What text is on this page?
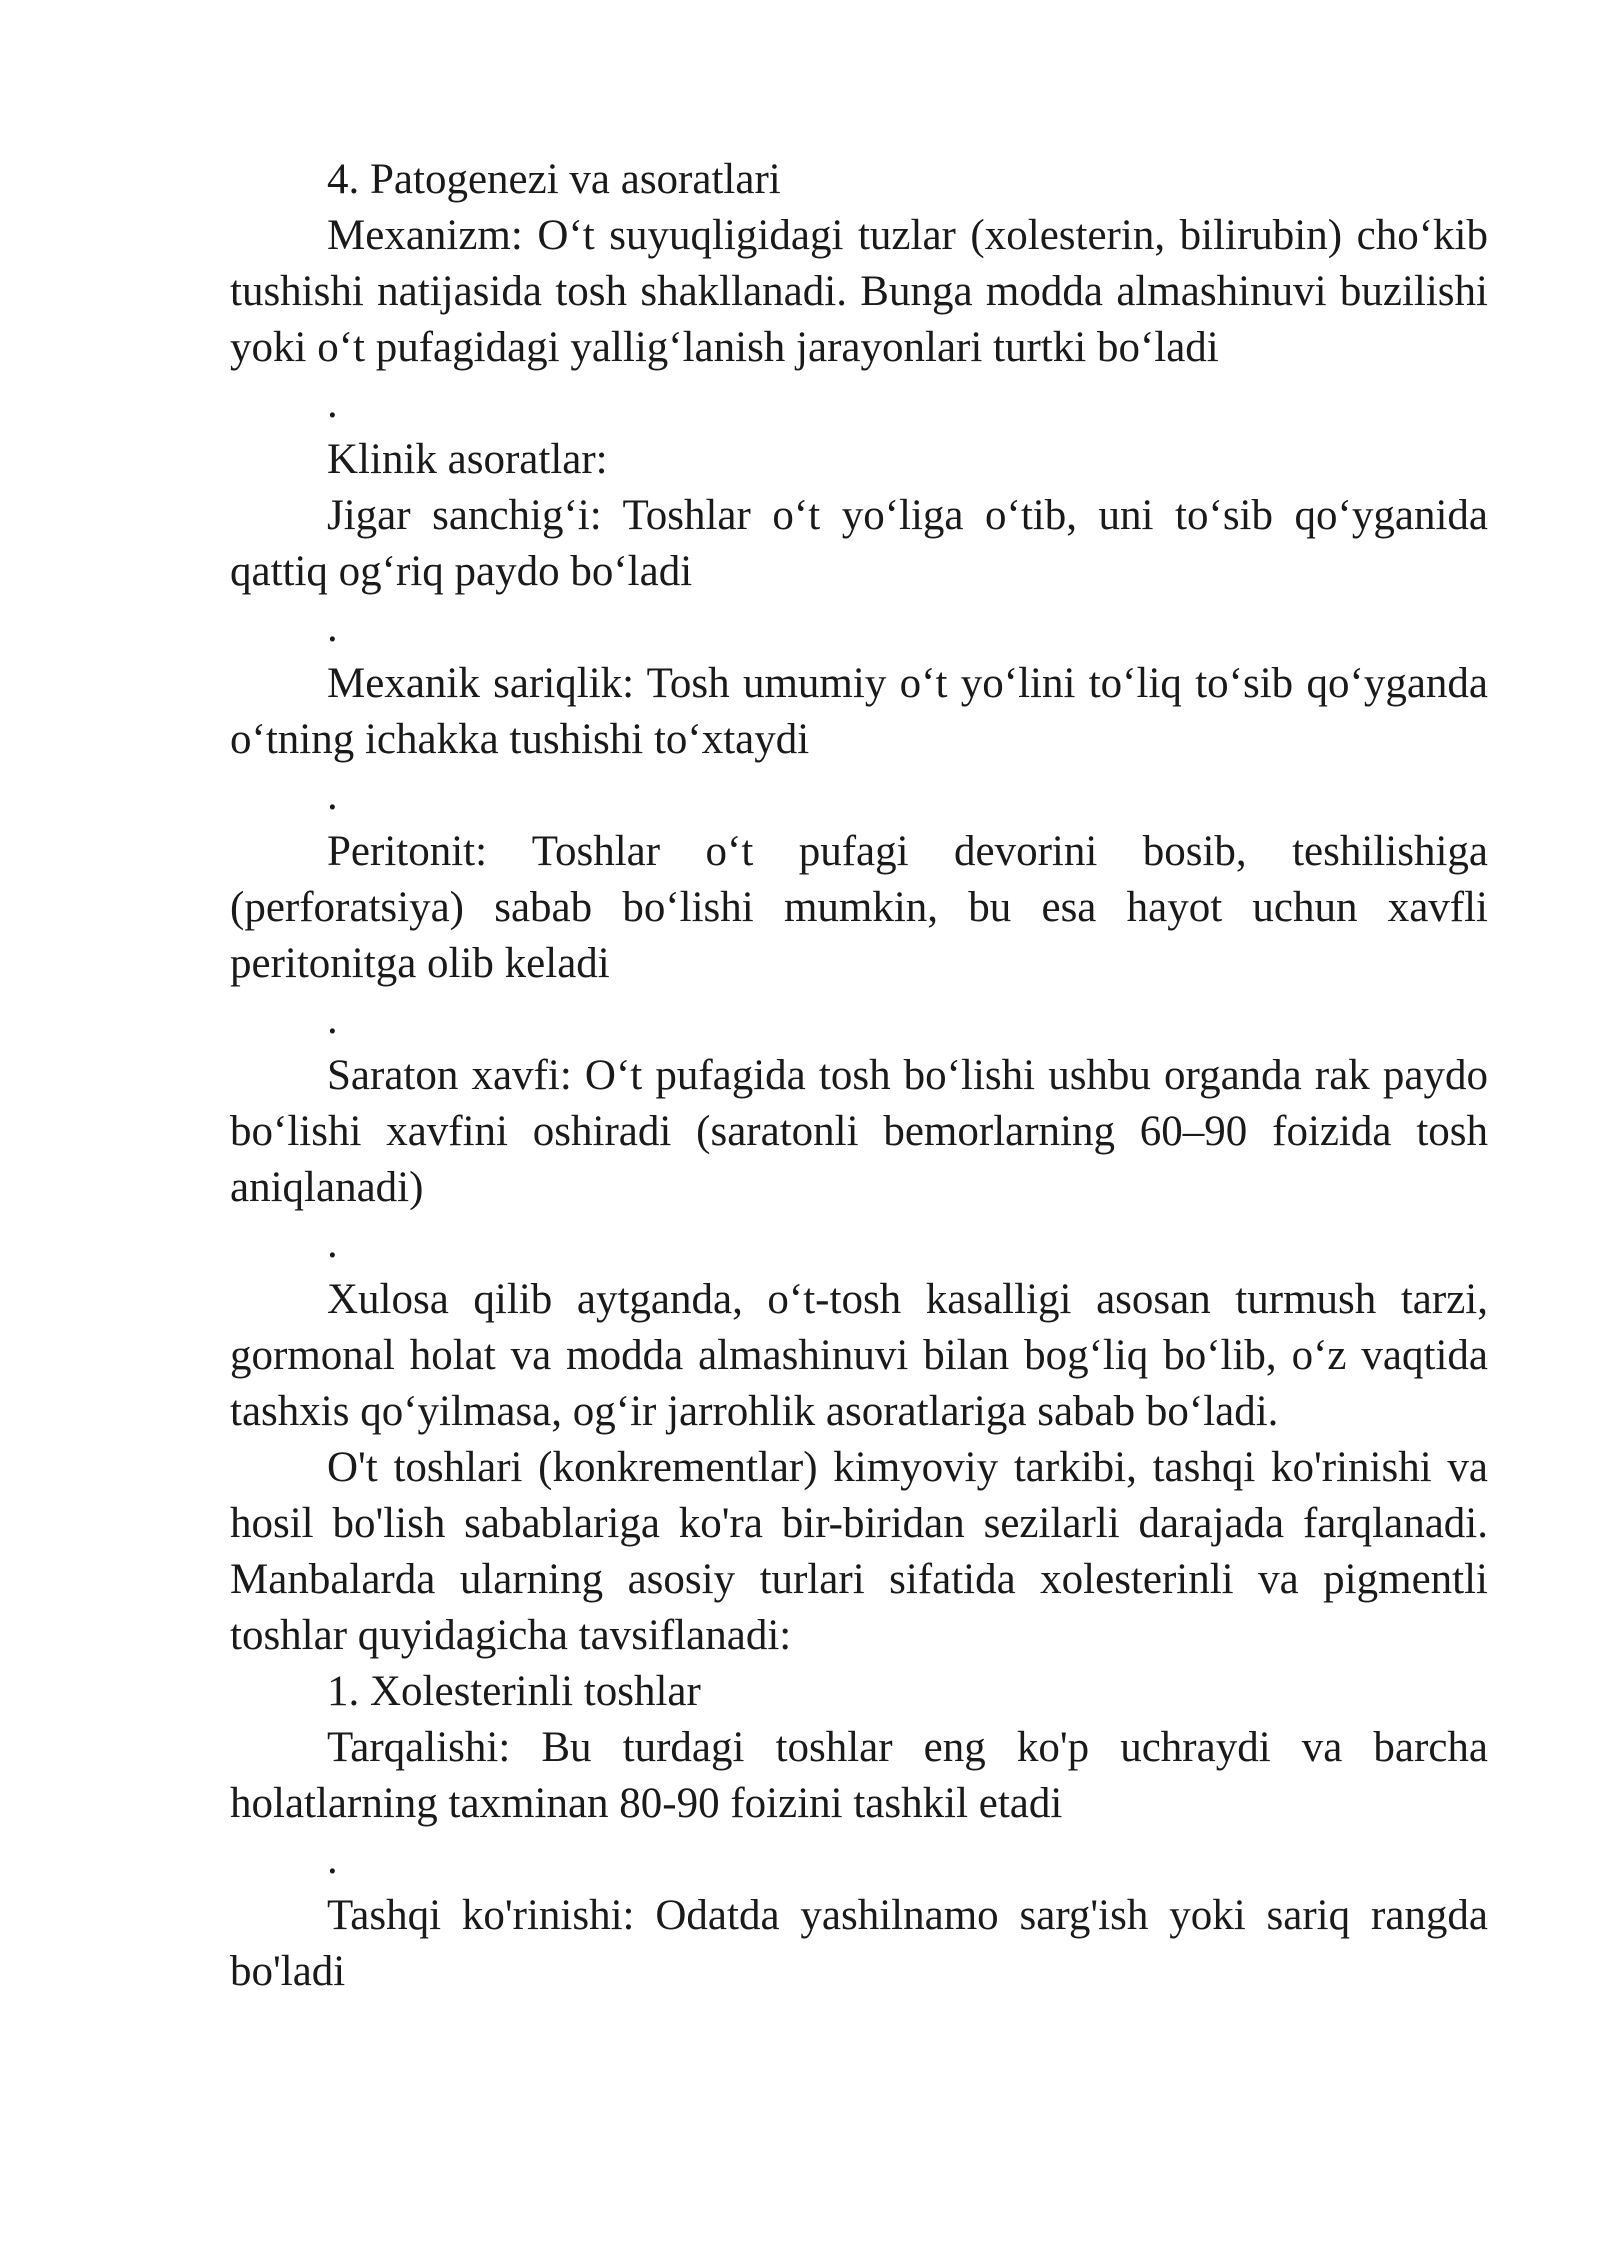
4. Patogenezi va asoratlari

Mexanizm: O‘t suyuqligidagi tuzlar (xolesterin, bilirubin) cho‘kib tushishi natijasida tosh shakllanadi. Bunga modda almashinuvi buzilishi yoki o‘t pufagidagi yallig‘lanish jarayonlari turtki bo‘ladi

.

Klinik asoratlar:

Jigar sanchig‘i: Toshlar o‘t yo‘liga o‘tib, uni to‘sib qo‘yganida qattiq og‘riq paydo bo‘ladi

.

Mexanik sariqlik: Tosh umumiy o‘t yo‘lini to‘liq to‘sib qo‘yganda o‘tning ichakka tushishi to‘xtaydi

.

Peritonit: Toshlar o‘t pufagi devorini bosib, teshilishiga (perforatsiya) sabab bo‘lishi mumkin, bu esa hayot uchun xavfli peritonitga olib keladi

.

Saraton xavfi: O‘t pufagida tosh bo‘lishi ushbu organda rak paydo bo‘lishi xavfini oshiradi (saratonli bemorlarning 60–90 foizida tosh aniqlanadi)

.

Xulosa qilib aytganda, o‘t-tosh kasalligi asosan turmush tarzi, gormonal holat va modda almashinuvi bilan bog‘liq bo‘lib, o‘z vaqtida tashxis qo‘yilmasa, og‘ir jarrohlik asoratlariga sabab bo‘ladi.

O't toshlari (konkrementlar) kimyoviy tarkibi, tashqi ko'rinishi va hosil bo'lish sabablariga ko'ra bir-biridan sezilarli darajada farqlanadi. Manbalarda ularning asosiy turlari sifatida xolesterinli va pigmentli toshlar quyidagicha tavsiflanadi:

1. Xolesterinli toshlar

Tarqalishi: Bu turdagi toshlar eng ko'p uchraydi va barcha holatlarning taxminan 80-90 foizini tashkil etadi

.

Tashqi ko'rinishi: Odatda yashilnamo sarg'ish yoki sariq rangda bo'ladi
